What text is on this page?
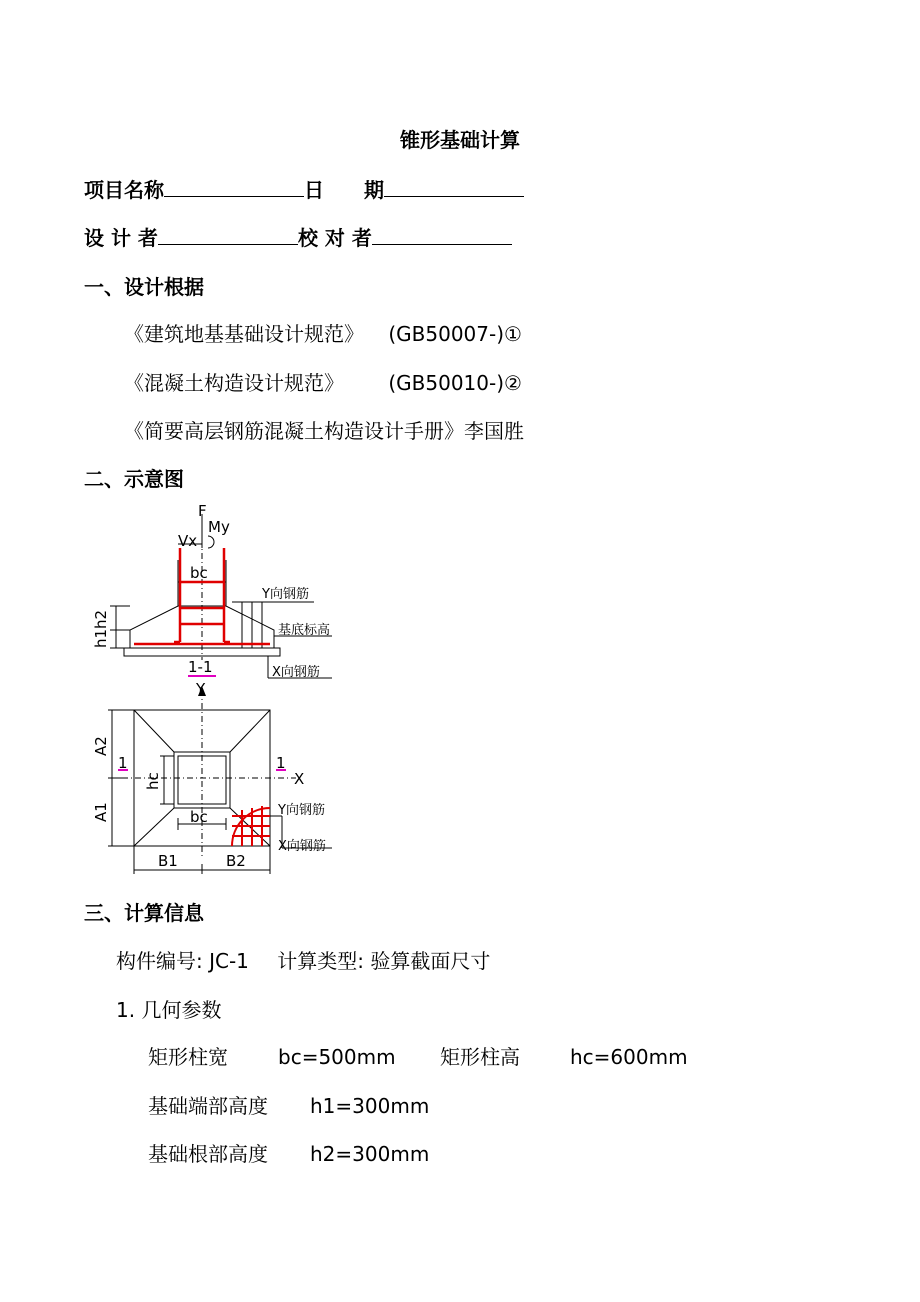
锥形基础计算
项目名称	日　　期
设 计 者	校 对 者
一、设计根据
《建筑地基基础设计规范》 (GB50007-)①
《混凝土构造设计规范》 (GB50010-)②
《简要高层钢筋混凝土构造设计手册》李国胜
二、示意图
F
My
Vx
bc
Y向钢筋
基底标高
X向钢筋
1-1
Y
X
1	1
bc	Y向钢筋
X向钢筋
B1	B2
h1h2
A2
A1
hc
三、计算信息
构件编号: JC-1 计算类型: 验算截面尺寸
1. 几何参数
矩形柱宽	bc=500mm 矩形柱高	hc=600mm
基础端部高度 h1=300mm
基础根部高度 h2=300mm
